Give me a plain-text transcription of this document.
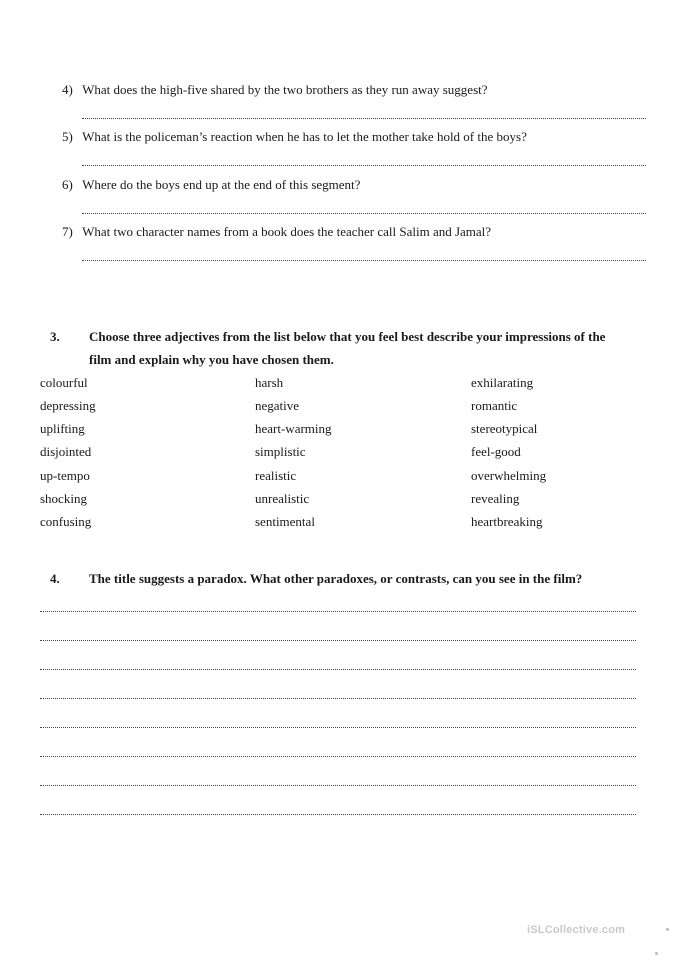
4) What does the high-five shared by the two brothers as they run away suggest?
5) What is the policeman’s reaction when he has to let the mother take hold of the boys?
6) Where do the boys end up at the end of this segment?
7) What two character names from a book does the teacher call Salim and Jamal?
3. Choose three adjectives from the list below that you feel best describe your impressions of the
film and explain why you have chosen them.
colourful	harsh	exhilarating
depressing	negative	romantic
uplifting	heart-warming	stereotypical
disjointed	simplistic	feel-good
up-tempo	realistic	overwhelming
shocking	unrealistic	revealing
confusing	sentimental	heartbreaking
4. The title suggests a paradox. What other paradoxes, or contrasts, can you see in the film?
iSLCollective.com
